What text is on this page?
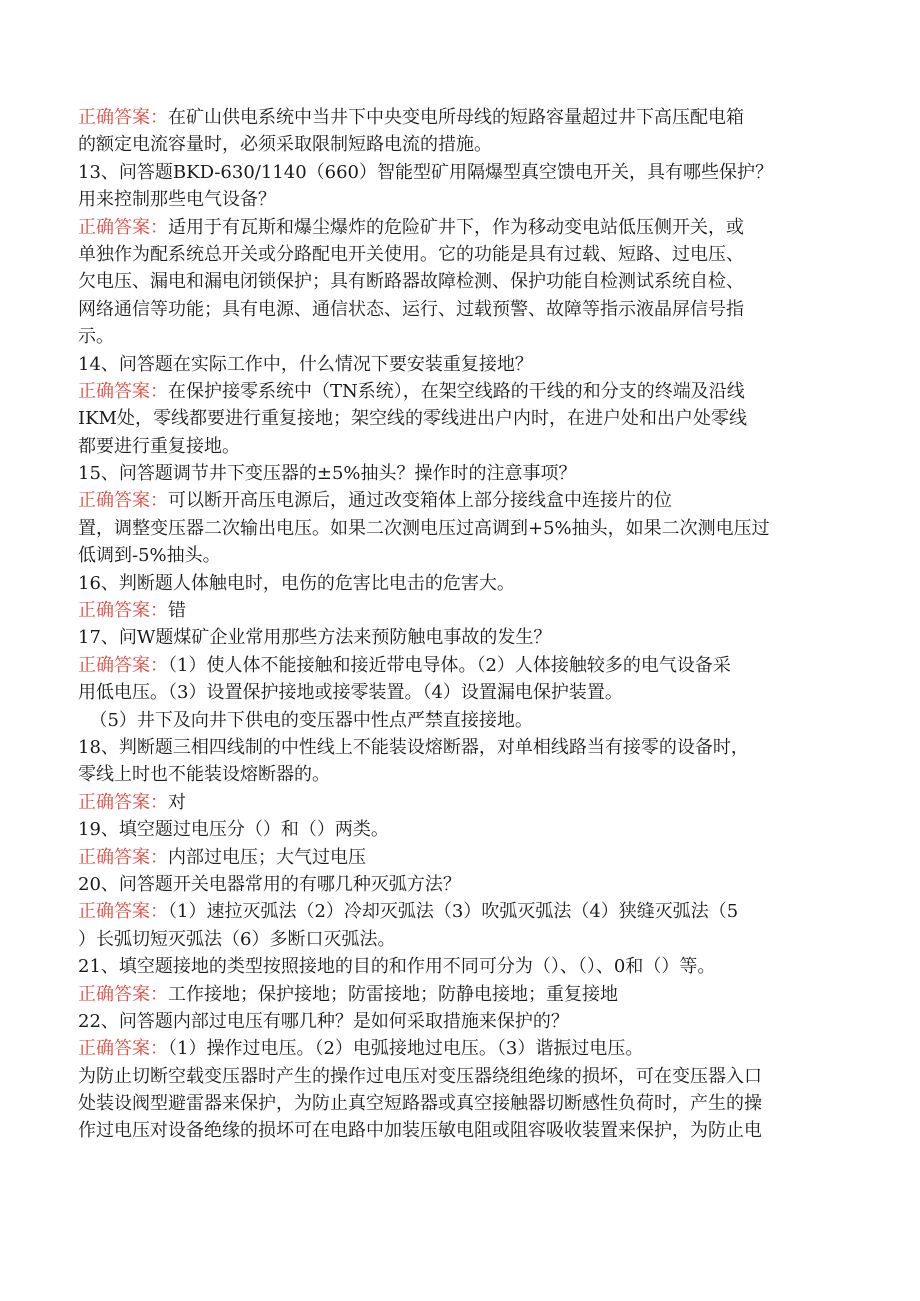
正确答案：在矿山供电系统中当井下中央变电所母线的短路容量超过井下高压配电箱
的额定电流容量时，必须采取限制短路电流的措施。
13、问答题BKD-630/1140（660）智能型矿用隔爆型真空馈电开关，具有哪些保护？
用来控制那些电气设备？
正确答案：适用于有瓦斯和爆尘爆炸的危险矿井下，作为移动变电站低压侧开关，或
单独作为配系统总开关或分路配电开关使用。它的功能是具有过载、短路、过电压、
欠电压、漏电和漏电闭锁保护；具有断路器故障检测、保护功能自检测试系统自检、
网络通信等功能；具有电源、通信状态、运行、过载预警、故障等指示液晶屏信号指
示。
14、问答题在实际工作中，什么情况下要安装重复接地？
正确答案：在保护接零系统中（TN系统），在架空线路的干线的和分支的终端及沿线
IKM处，零线都要进行重复接地；架空线的零线进出户内时，在进户处和出户处零线
都要进行重复接地。
15、问答题调节井下变压器的±5%抽头？操作时的注意事项？
正确答案：可以断开高压电源后，通过改变箱体上部分接线盒中连接片的位
置，调整变压器二次输出电压。如果二次测电压过高调到+5%抽头，如果二次测电压过
低调到-5%抽头。
16、判断题人体触电时，电伤的危害比电击的危害大。
正确答案：错
17、问W题煤矿企业常用那些方法来预防触电事故的发生？
正确答案：（1）使人体不能接触和接近带电导体。（2）人体接触较多的电气设备采
用低电压。（3）设置保护接地或接零装置。（4）设置漏电保护装置。
（5）井下及向井下供电的变压器中性点严禁直接接地。
18、判断题三相四线制的中性线上不能装设熔断器，对单相线路当有接零的设备时，
零线上时也不能装设熔断器的。
正确答案：对
19、填空题过电压分（）和（）两类。
正确答案：内部过电压；大气过电压
20、问答题开关电器常用的有哪几种灭弧方法？
正确答案：（1）速拉灭弧法（2）冷却灭弧法（3）吹弧灭弧法（4）狭缝灭弧法（5
）长弧切短灭弧法（6）多断口灭弧法。
21、填空题接地的类型按照接地的目的和作用不同可分为（）、（）、0和（）等。
正确答案：工作接地；保护接地；防雷接地；防静电接地；重复接地
22、问答题内部过电压有哪几种？是如何采取措施来保护的？
正确答案：（1）操作过电压。（2）电弧接地过电压。（3）谐振过电压。
为防止切断空载变压器时产生的操作过电压对变压器绕组绝缘的损坏，可在变压器入口
处装设阀型避雷器来保护，为防止真空短路器或真空接触器切断感性负荷时，产生的操
作过电压对设备绝缘的损坏可在电路中加装压敏电阻或阻容吸收装置来保护，为防止电
